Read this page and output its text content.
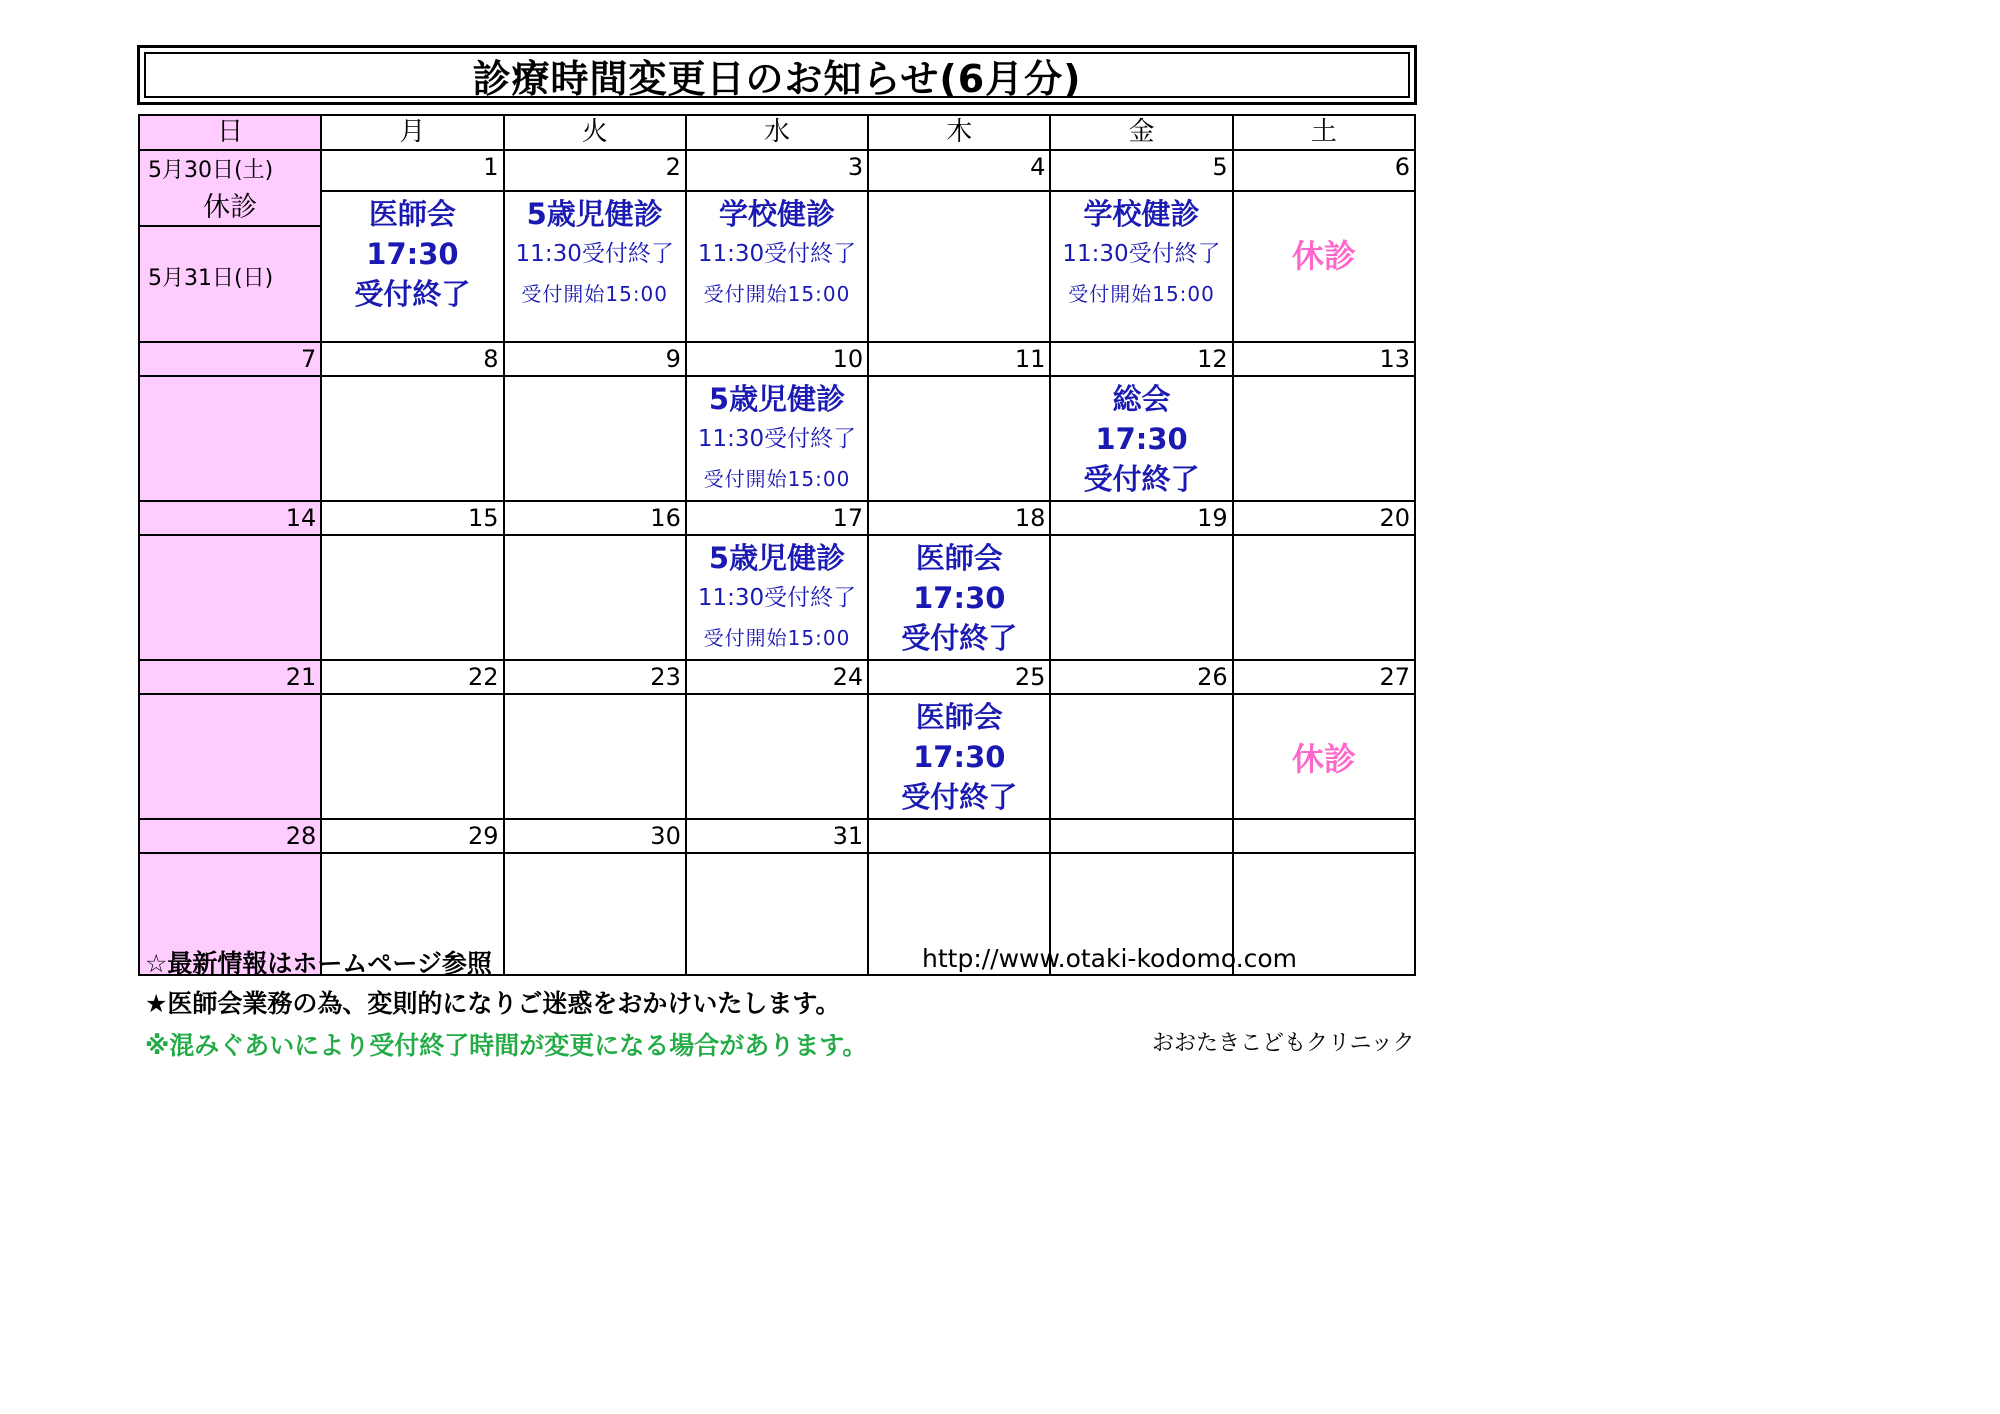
診療時間変更日のお知らせ(6月分)
日	月	火	水	木	金	土

5月30日(土)
休診
5月31日(日)	1	2	3	4	5	6

	医師会
17:30
受付終了	5歳児健診
11:30受付終了
受付開始15:00	学校健診
11:30受付終了
受付開始15:00		学校健診
11:30受付終了
受付開始15:00	休診

7	8	9	10	11	12	13

			5歳児健診
11:30受付終了
受付開始15:00		総会
17:30
受付終了	

14	15	16	17	18	19	20

			5歳児健診
11:30受付終了
受付開始15:00	医師会
17:30
受付終了		

21	22	23	24	25	26	27

				医師会
17:30
受付終了		休診

28	29	30	31			

☆最新情報はホームページ参照	http://www.otaki-kodomo.com
★医師会業務の為、変則的になりご迷惑をおかけいたします。
※混みぐあいにより受付終了時間が変更になる場合があります。	おおたきこどもクリニック
